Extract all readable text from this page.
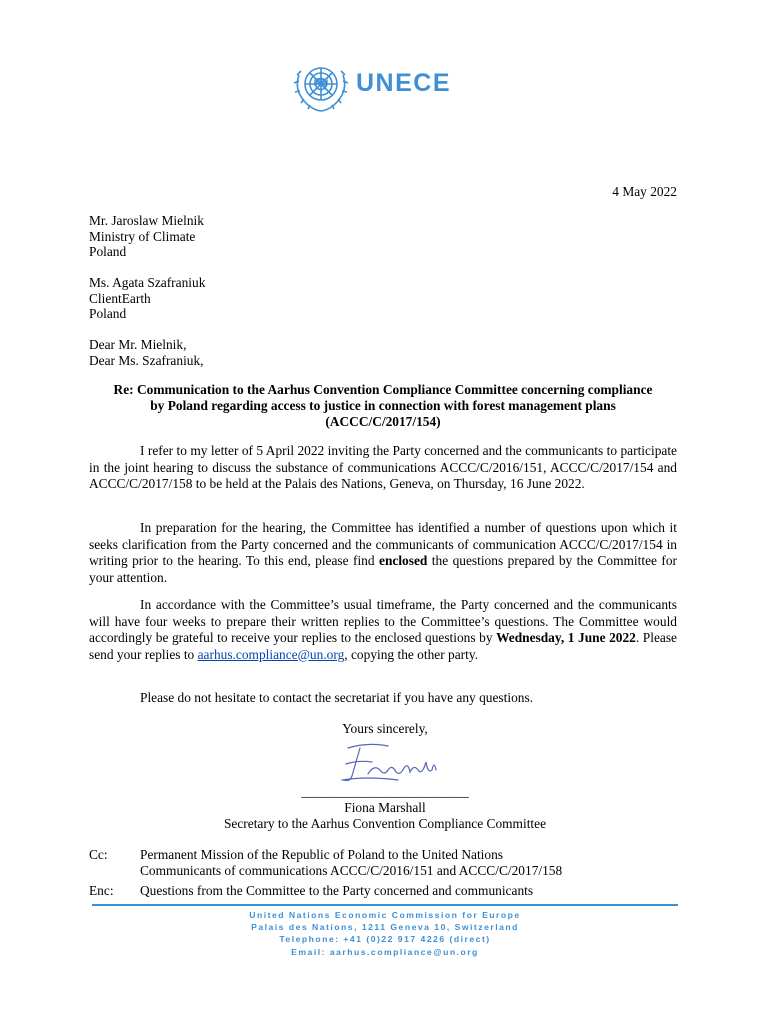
UNECE
4 May 2022
Mr. Jaroslaw Mielnik
Ministry of Climate
Poland
Ms. Agata Szafraniuk
ClientEarth
Poland
Dear Mr. Mielnik,
Dear Ms. Szafraniuk,
Re: Communication to the Aarhus Convention Compliance Committee concerning compliance
by Poland regarding access to justice in connection with forest management plans
(ACCC/C/2017/154)
I refer to my letter of 5 April 2022 inviting the Party concerned and the communicants to participate in the joint hearing to discuss the substance of communications ACCC/C/2016/151, ACCC/C/2017/154 and ACCC/C/2017/158 to be held at the Palais des Nations, Geneva, on Thursday, 16 June 2022.
In preparation for the hearing, the Committee has identified a number of questions upon which it seeks clarification from the Party concerned and the communicants of communication ACCC/C/2017/154 in writing prior to the hearing. To this end, please find enclosed the questions prepared by the Committee for your attention.
In accordance with the Committee’s usual timeframe, the Party concerned and the communicants will have four weeks to prepare their written replies to the Committee’s questions. The Committee would accordingly be grateful to receive your replies to the enclosed questions by Wednesday, 1 June 2022. Please send your replies to aarhus.compliance@un.org, copying the other party.
Please do not hesitate to contact the secretariat if you have any questions.
Yours sincerely,
_________________________
Fiona Marshall
Secretary to the Aarhus Convention Compliance Committee
Cc: Permanent Mission of the Republic of Poland to the United Nations
Communicants of communications ACCC/C/2016/151 and ACCC/C/2017/158
Enc: Questions from the Committee to the Party concerned and communicants
United Nations Economic Commission for Europe
Palais des Nations, 1211 Geneva 10, Switzerland
Telephone: +41 (0)22 917 4226 (direct)
Email: aarhus.compliance@un.org
